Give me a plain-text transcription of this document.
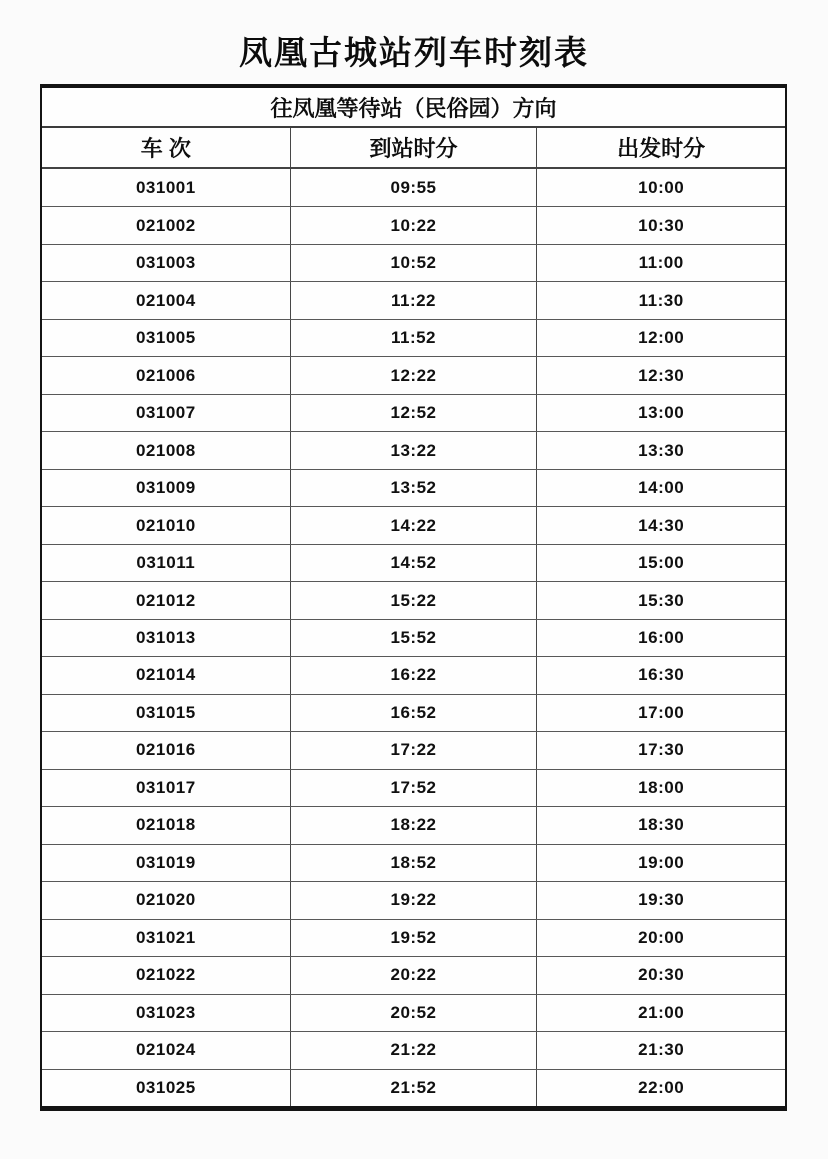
凤凰古城站列车时刻表
往凤凰等待站（民俗园）方向
车 次	到站时分	出发时分
031001	09:55	10:00
021002	10:22	10:30
031003	10:52	11:00
021004	11:22	11:30
031005	11:52	12:00
021006	12:22	12:30
031007	12:52	13:00
021008	13:22	13:30
031009	13:52	14:00
021010	14:22	14:30
031011	14:52	15:00
021012	15:22	15:30
031013	15:52	16:00
021014	16:22	16:30
031015	16:52	17:00
021016	17:22	17:30
031017	17:52	18:00
021018	18:22	18:30
031019	18:52	19:00
021020	19:22	19:30
031021	19:52	20:00
021022	20:22	20:30
031023	20:52	21:00
021024	21:22	21:30
031025	21:52	22:00
